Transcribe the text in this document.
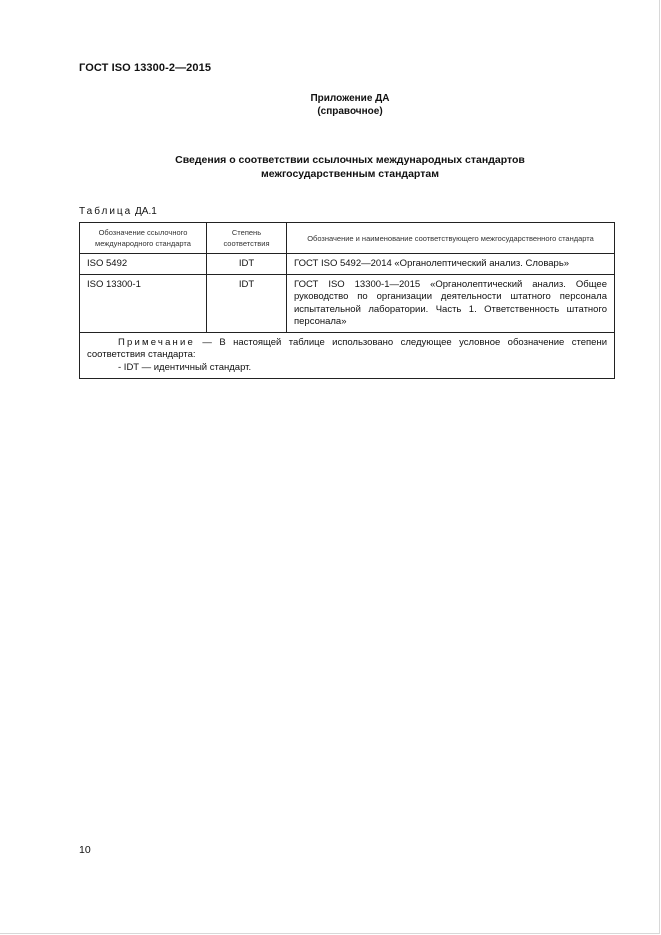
ГОСТ ISO 13300-2—2015
Приложение ДА
(справочное)
Сведения о соответствии ссылочных международных стандартов
межгосударственным стандартам
Таблица ДА.1
Обозначение ссылочного международного стандарта	Степень соответствия	Обозначение и наименование соответствующего межгосударственного стандарта
ISO 5492	IDT	ГОСТ ISO 5492—2014 «Органолептический анализ. Словарь»
ISO 13300-1	IDT	ГОСТ ISO 13300-1—2015 «Органолептический анализ. Общее руководство по организации деятельности штатного персонала испытательной лаборатории. Часть 1. Ответственность штатного персонала»

Примечание — В настоящей таблице использовано следующее условное обозначение степени соответствия стандарта:

- IDT — идентичный стандарт.		

10
